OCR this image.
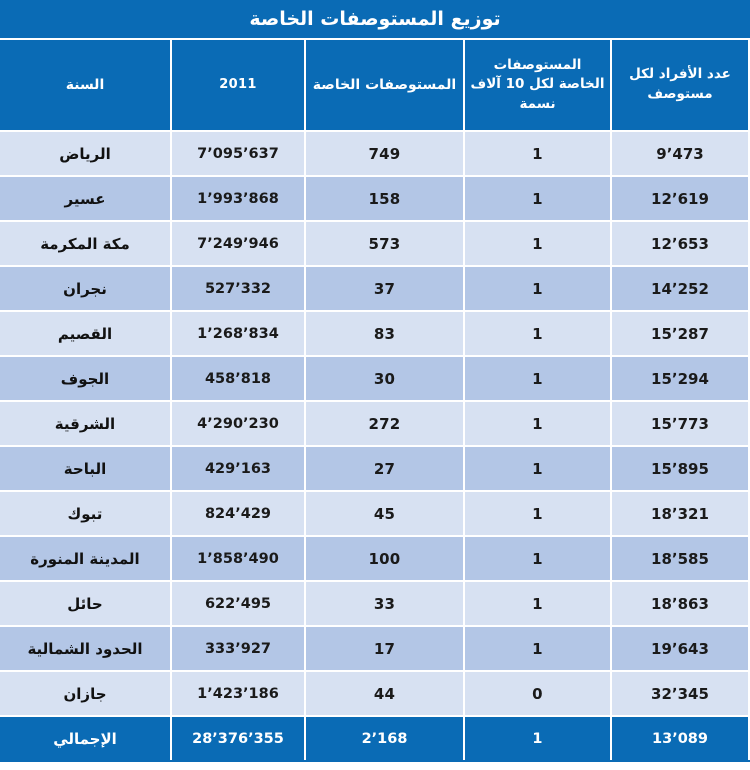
توزيع المستوصفات الخاصة
عدد الأفراد لكل مستوصف	المستوصفات الخاصة لكل 10 آلاف نسمة	المستوصفات الخاصة	2011	السنة
9٬473	1	749	7٬095٬637	الرياض
12٬619	1	158	1٬993٬868	عسير
12٬653	1	573	7٬249٬946	مكة المكرمة
14٬252	1	37	527٬332	نجران
15٬287	1	83	1٬268٬834	القصيم
15٬294	1	30	458٬818	الجوف
15٬773	1	272	4٬290٬230	الشرقية
15٬895	1	27	429٬163	الباحة
18٬321	1	45	824٬429	تبوك
18٬585	1	100	1٬858٬490	المدينة المنورة
18٬863	1	33	622٬495	حائل
19٬643	1	17	333٬927	الحدود الشمالية
32٬345	0	44	1٬423٬186	جازان
13٬089	1	2٬168	28٬376٬355	الإجمالي
